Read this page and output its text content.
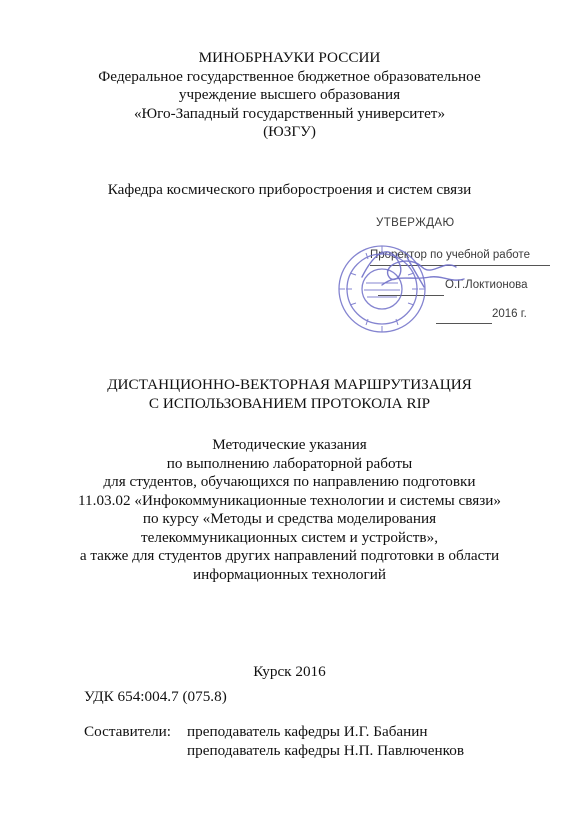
МИНОБРНАУКИ РОССИИ
Федеральное государственное бюджетное образовательное
учреждение высшего образования
«Юго-Западный государственный университет»
(ЮЗГУ)
Кафедра космического приборостроения и систем связи
УТВЕРЖДАЮ
Проректор по учебной работе
О.Г.Локтионова
2016 г.
ДИСТАНЦИОННО-ВЕКТОРНАЯ МАРШРУТИЗАЦИЯ
С ИСПОЛЬЗОВАНИЕМ ПРОТОКОЛА RIP
Методические указания
по выполнению лабораторной работы
для студентов, обучающихся по направлению подготовки
11.03.02 «Инфокоммуникационные технологии и системы связи»
по курсу «Методы и средства моделирования
телекоммуникационных систем и устройств»,
а также для студентов других направлений подготовки в области
информационных технологий
Курск 2016
УДК 654:004.7 (075.8)
Составители: преподаватель кафедры И.Г. Бабанин
преподаватель кафедры Н.П. Павлюченков
